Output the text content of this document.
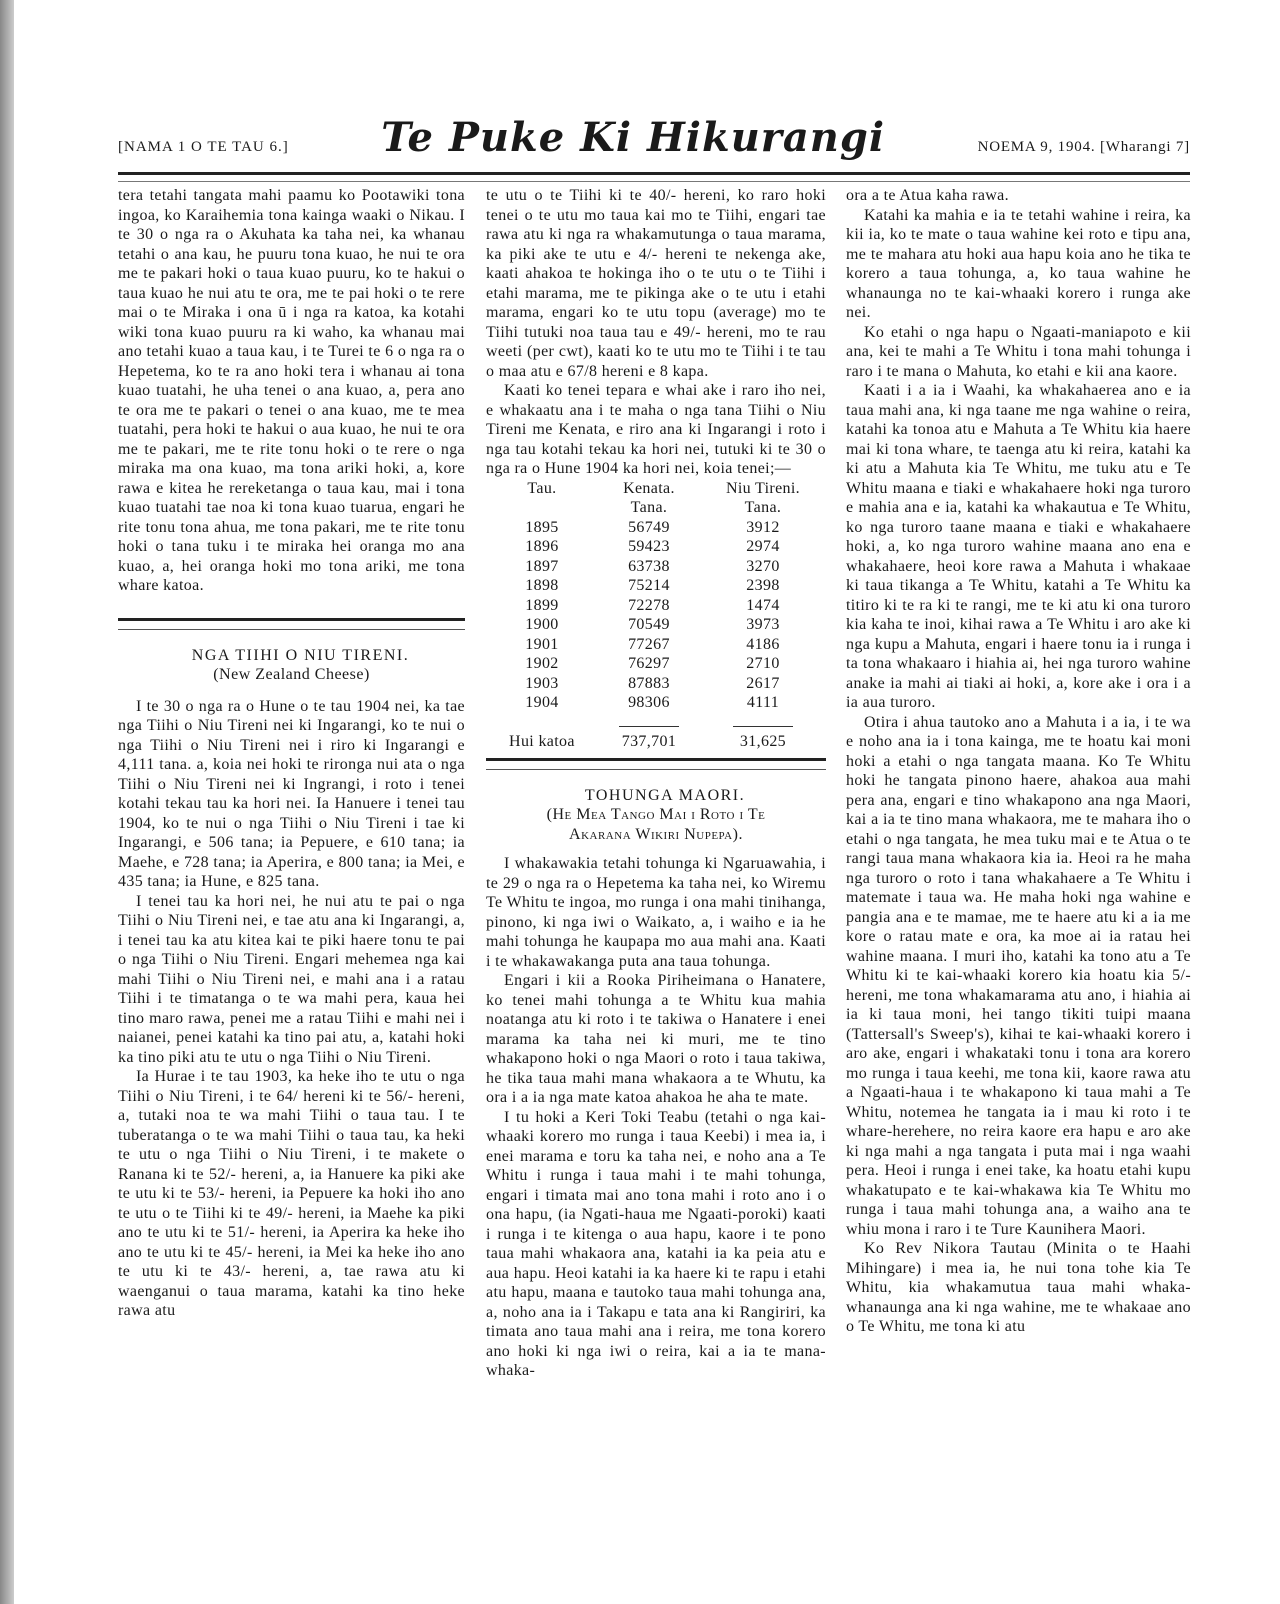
[NAMA 1 O TE TAU 6.] Te Puke Ki Hikurangi	NOEMA 9, 1904. [Wharangi 7]

tera tetahi tangata mahi paamu ko Pootawiki tona ingoa, ko Karaihemia tona kainga waaki o Nikau. I te 30 o nga ra o Akuhata ka taha nei, ka whanau tetahi o ana kau, he puuru tona kuao, he nui te ora me te pakari hoki o taua kuao puuru, ko te hakui o taua kuao he nui atu te ora, me te pai hoki o te rere mai o te Miraka i ona ū i nga ra katoa, ka kotahi wiki tona kuao puuru ra ki waho, ka whanau mai ano tetahi kuao a taua kau, i te Turei te 6 o nga ra o Hepetema, ko te ra ano hoki tera i whanau ai tona kuao tuatahi, he uha tenei o ana kuao, a, pera ano te ora me te pakari o tenei o ana kuao, me te mea tuatahi, pera hoki te hakui o aua kuao, he nui te ora me te pakari, me te rite tonu hoki o te rere o nga miraka ma ona kuao, ma tona ariki hoki, a, kore rawa e kitea he rereketanga o taua kau, mai i tona kuao tuatahi tae noa ki tona kuao tuarua, engari he rite tonu tona ahua, me tona pakari, me te rite tonu hoki o tana tuku i te miraka hei oranga mo ana kuao, a, hei oranga hoki mo tona ariki, me tona whare katoa.

NGA TIIHI O NIU TIRENI.

(New Zealand Cheese)

I te 30 o nga ra o Hune o te tau 1904 nei, ka tae nga Tiihi o Niu Tireni nei ki Ingarangi, ko te nui o nga Tiihi o Niu Tireni nei i riro ki Ingarangi e 4,111 tana. a, koia nei hoki te rironga nui ata o nga Tiihi o Niu Tireni nei ki Ingrangi, i roto i tenei kotahi tekau tau ka hori nei. Ia Hanuere i tenei tau 1904, ko te nui o nga Tiihi o Niu Tireni i tae ki Ingarangi, e 506 tana; ia Pepuere, e 610 tana; ia Maehe, e 728 tana; ia Aperira, e 800 tana; ia Mei, e 435 tana; ia Hune, e 825 tana.

I tenei tau ka hori nei, he nui atu te pai o nga Tiihi o Niu Tireni nei, e tae atu ana ki Ingarangi, a, i tenei tau ka atu kitea kai te piki haere tonu te pai o nga Tiihi o Niu Tireni. Engari mehemea nga kai mahi Tiihi o Niu Tireni nei, e mahi ana i a ratau Tiihi i te timatanga o te wa mahi pera, kaua hei tino maro rawa, penei me a ratau Tiihi e mahi nei i naianei, penei katahi ka tino pai atu, a, katahi hoki ka tino piki atu te utu o nga Tiihi o Niu Tireni.

Ia Hurae i te tau 1903, ka heke iho te utu o nga Tiihi o Niu Tireni, i te 64/ hereni ki te 56/- hereni, a, tutaki noa te wa mahi Tiihi o taua tau. I te tuberatanga o te wa mahi Tiihi o taua tau, ka heki te utu o nga Tiihi o Niu Tireni, i te makete o Ranana ki te 52/- hereni, a, ia Hanuere ka piki ake te utu ki te 53/- hereni, ia Pepuere ka hoki iho ano te utu o te Tiihi ki te 49/- hereni, ia Maehe ka piki ano te utu ki te 51/- hereni, ia Aperira ka heke iho ano te utu ki te 45/- hereni, ia Mei ka heke iho ano te utu ki te 43/- hereni, a, tae rawa atu ki waenganui o taua marama, katahi ka tino heke rawa atu

te utu o te Tiihi ki te 40/- hereni, ko raro hoki tenei o te utu mo taua kai mo te Tiihi, engari tae rawa atu ki nga ra whakamutunga o taua marama, ka piki ake te utu e 4/- hereni te nekenga ake, kaati ahakoa te hokinga iho o te utu o te Tiihi i etahi marama, me te pikinga ake o te utu i etahi marama, engari ko te utu topu (average) mo te Tiihi tutuki noa taua tau e 49/- hereni, mo te rau weeti (per cwt), kaati ko te utu mo te Tiihi i te tau o maa atu e 67/8 hereni e 8 kapa.

Kaati ko tenei tepara e whai ake i raro iho nei, e whakaatu ana i te maha o nga tana Tiihi o Niu Tireni me Kenata, e riro ana ki Ingarangi i roto i nga tau kotahi tekau ka hori nei, tutuki ki te 30 o nga ra o Hune 1904 ka hori nei, koia tenei;—

Tau.	Kenata.	Niu Tireni.
	Tana.	Tana.
1895	56749	3912
1896	59423	2974
1897	63738	3270
1898	75214	2398
1899	72278	1474
1900	70549	3973
1901	77267	4186
1902	76297	2710
1903	87883	2617
1904	98306	4111

Hui katoa	737,701	31,625

TOHUNGA MAORI.

(He Mea Tango Mai i Roto i Te Akarana Wikiri Nupepa).

I whakawakia tetahi tohunga ki Ngaruawahia, i te 29 o nga ra o Hepetema ka taha nei, ko Wiremu Te Whitu te ingoa, mo runga i ona mahi tinihanga, pinono, ki nga iwi o Waikato, a, i waiho e ia he mahi tohunga he kaupapa mo aua mahi ana. Kaati i te whakawakanga puta ana taua tohunga.

Engari i kii a Rooka Piriheimana o Hanatere, ko tenei mahi tohunga a te Whitu kua mahia noatanga atu ki roto i te takiwa o Hanatere i enei marama ka taha nei ki muri, me te tino whakapono hoki o nga Maori o roto i taua takiwa, he tika taua mahi mana whakaora a te Whutu, ka ora i a ia nga mate katoa ahakoa he aha te mate.

I tu hoki a Keri Toki Teabu (tetahi o nga kai-whaaki korero mo runga i taua Keebi) i mea ia, i enei marama e toru ka taha nei, e noho ana a Te Whitu i runga i taua mahi i te mahi tohunga, engari i timata mai ano tona mahi i roto ano i o ona hapu, (ia Ngati-haua me Ngaati-poroki) kaati i runga i te kitenga o aua hapu, kaore i te pono taua mahi whakaora ana, katahi ia ka peia atu e aua hapu. Heoi katahi ia ka haere ki te rapu i etahi atu hapu, maana e tautoko taua mahi tohunga ana, a, noho ana ia i Takapu e tata ana ki Rangiriri, ka timata ano taua mahi ana i reira, me tona korero ano hoki ki nga iwi o reira, kai a ia te mana-whaka-

ora a te Atua kaha rawa.

Katahi ka mahia e ia te tetahi wahine i reira, ka kii ia, ko te mate o taua wahine kei roto e tipu ana, me te mahara atu hoki aua hapu koia ano he tika te korero a taua tohunga, a, ko taua wahine he whanaunga no te kai-whaaki korero i runga ake nei.

Ko etahi o nga hapu o Ngaati-maniapoto e kii ana, kei te mahi a Te Whitu i tona mahi tohunga i raro i te mana o Mahuta, ko etahi e kii ana kaore.

Kaati i a ia i Waahi, ka whakahaerea ano e ia taua mahi ana, ki nga taane me nga wahine o reira, katahi ka tonoa atu e Mahuta a Te Whitu kia haere mai ki tona whare, te taenga atu ki reira, katahi ka ki atu a Mahuta kia Te Whitu, me tuku atu e Te Whitu maana e tiaki e whakahaere hoki nga turoro e mahia ana e ia, katahi ka whakautua e Te Whitu, ko nga turoro taane maana e tiaki e whakahaere hoki, a, ko nga turoro wahine maana ano ena e whakahaere, heoi kore rawa a Mahuta i whakaae ki taua tikanga a Te Whitu, katahi a Te Whitu ka titiro ki te ra ki te rangi, me te ki atu ki ona turoro kia kaha te inoi, kihai rawa a Te Whitu i aro ake ki nga kupu a Mahuta, engari i haere tonu ia i runga i ta tona whakaaro i hiahia ai, hei nga turoro wahine anake ia mahi ai tiaki ai hoki, a, kore ake i ora i a ia aua turoro.

Otira i ahua tautoko ano a Mahuta i a ia, i te wa e noho ana ia i tona kainga, me te hoatu kai moni hoki a etahi o nga tangata maana. Ko Te Whitu hoki he tangata pinono haere, ahakoa aua mahi pera ana, engari e tino whakapono ana nga Maori, kai a ia te tino mana whakaora, me te mahara iho o etahi o nga tangata, he mea tuku mai e te Atua o te rangi taua mana whakaora kia ia. Heoi ra he maha nga turoro o roto i tana whakahaere a Te Whitu i matemate i taua wa. He maha hoki nga wahine e pangia ana e te mamae, me te haere atu ki a ia me kore o ratau mate e ora, ka moe ai ia ratau hei wahine maana. I muri iho, katahi ka tono atu a Te Whitu ki te kai-whaaki korero kia hoatu kia 5/- hereni, me tona whakamarama atu ano, i hiahia ai ia ki taua moni, hei tango tikiti tuipi maana (Tattersall's Sweep's), kihai te kai-whaaki korero i aro ake, engari i whakataki tonu i tona ara korero mo runga i taua keehi, me tona kii, kaore rawa atu a Ngaati-haua i te whakapono ki taua mahi a Te Whitu, notemea he tangata ia i mau ki roto i te whare-herehere, no reira kaore era hapu e aro ake ki nga mahi a nga tangata i puta mai i nga waahi pera. Heoi i runga i enei take, ka hoatu etahi kupu whakatupato e te kai-whakawa kia Te Whitu mo runga i taua mahi tohunga ana, a waiho ana te whiu mona i raro i te Ture Kaunihera Maori.

Ko Rev Nikora Tautau (Minita o te Haahi Mihingare) i mea ia, he nui tona tohe kia Te Whitu, kia whakamutua taua mahi whaka-whanaunga ana ki nga wahine, me te whakaae ano o Te Whitu, me tona ki atu
